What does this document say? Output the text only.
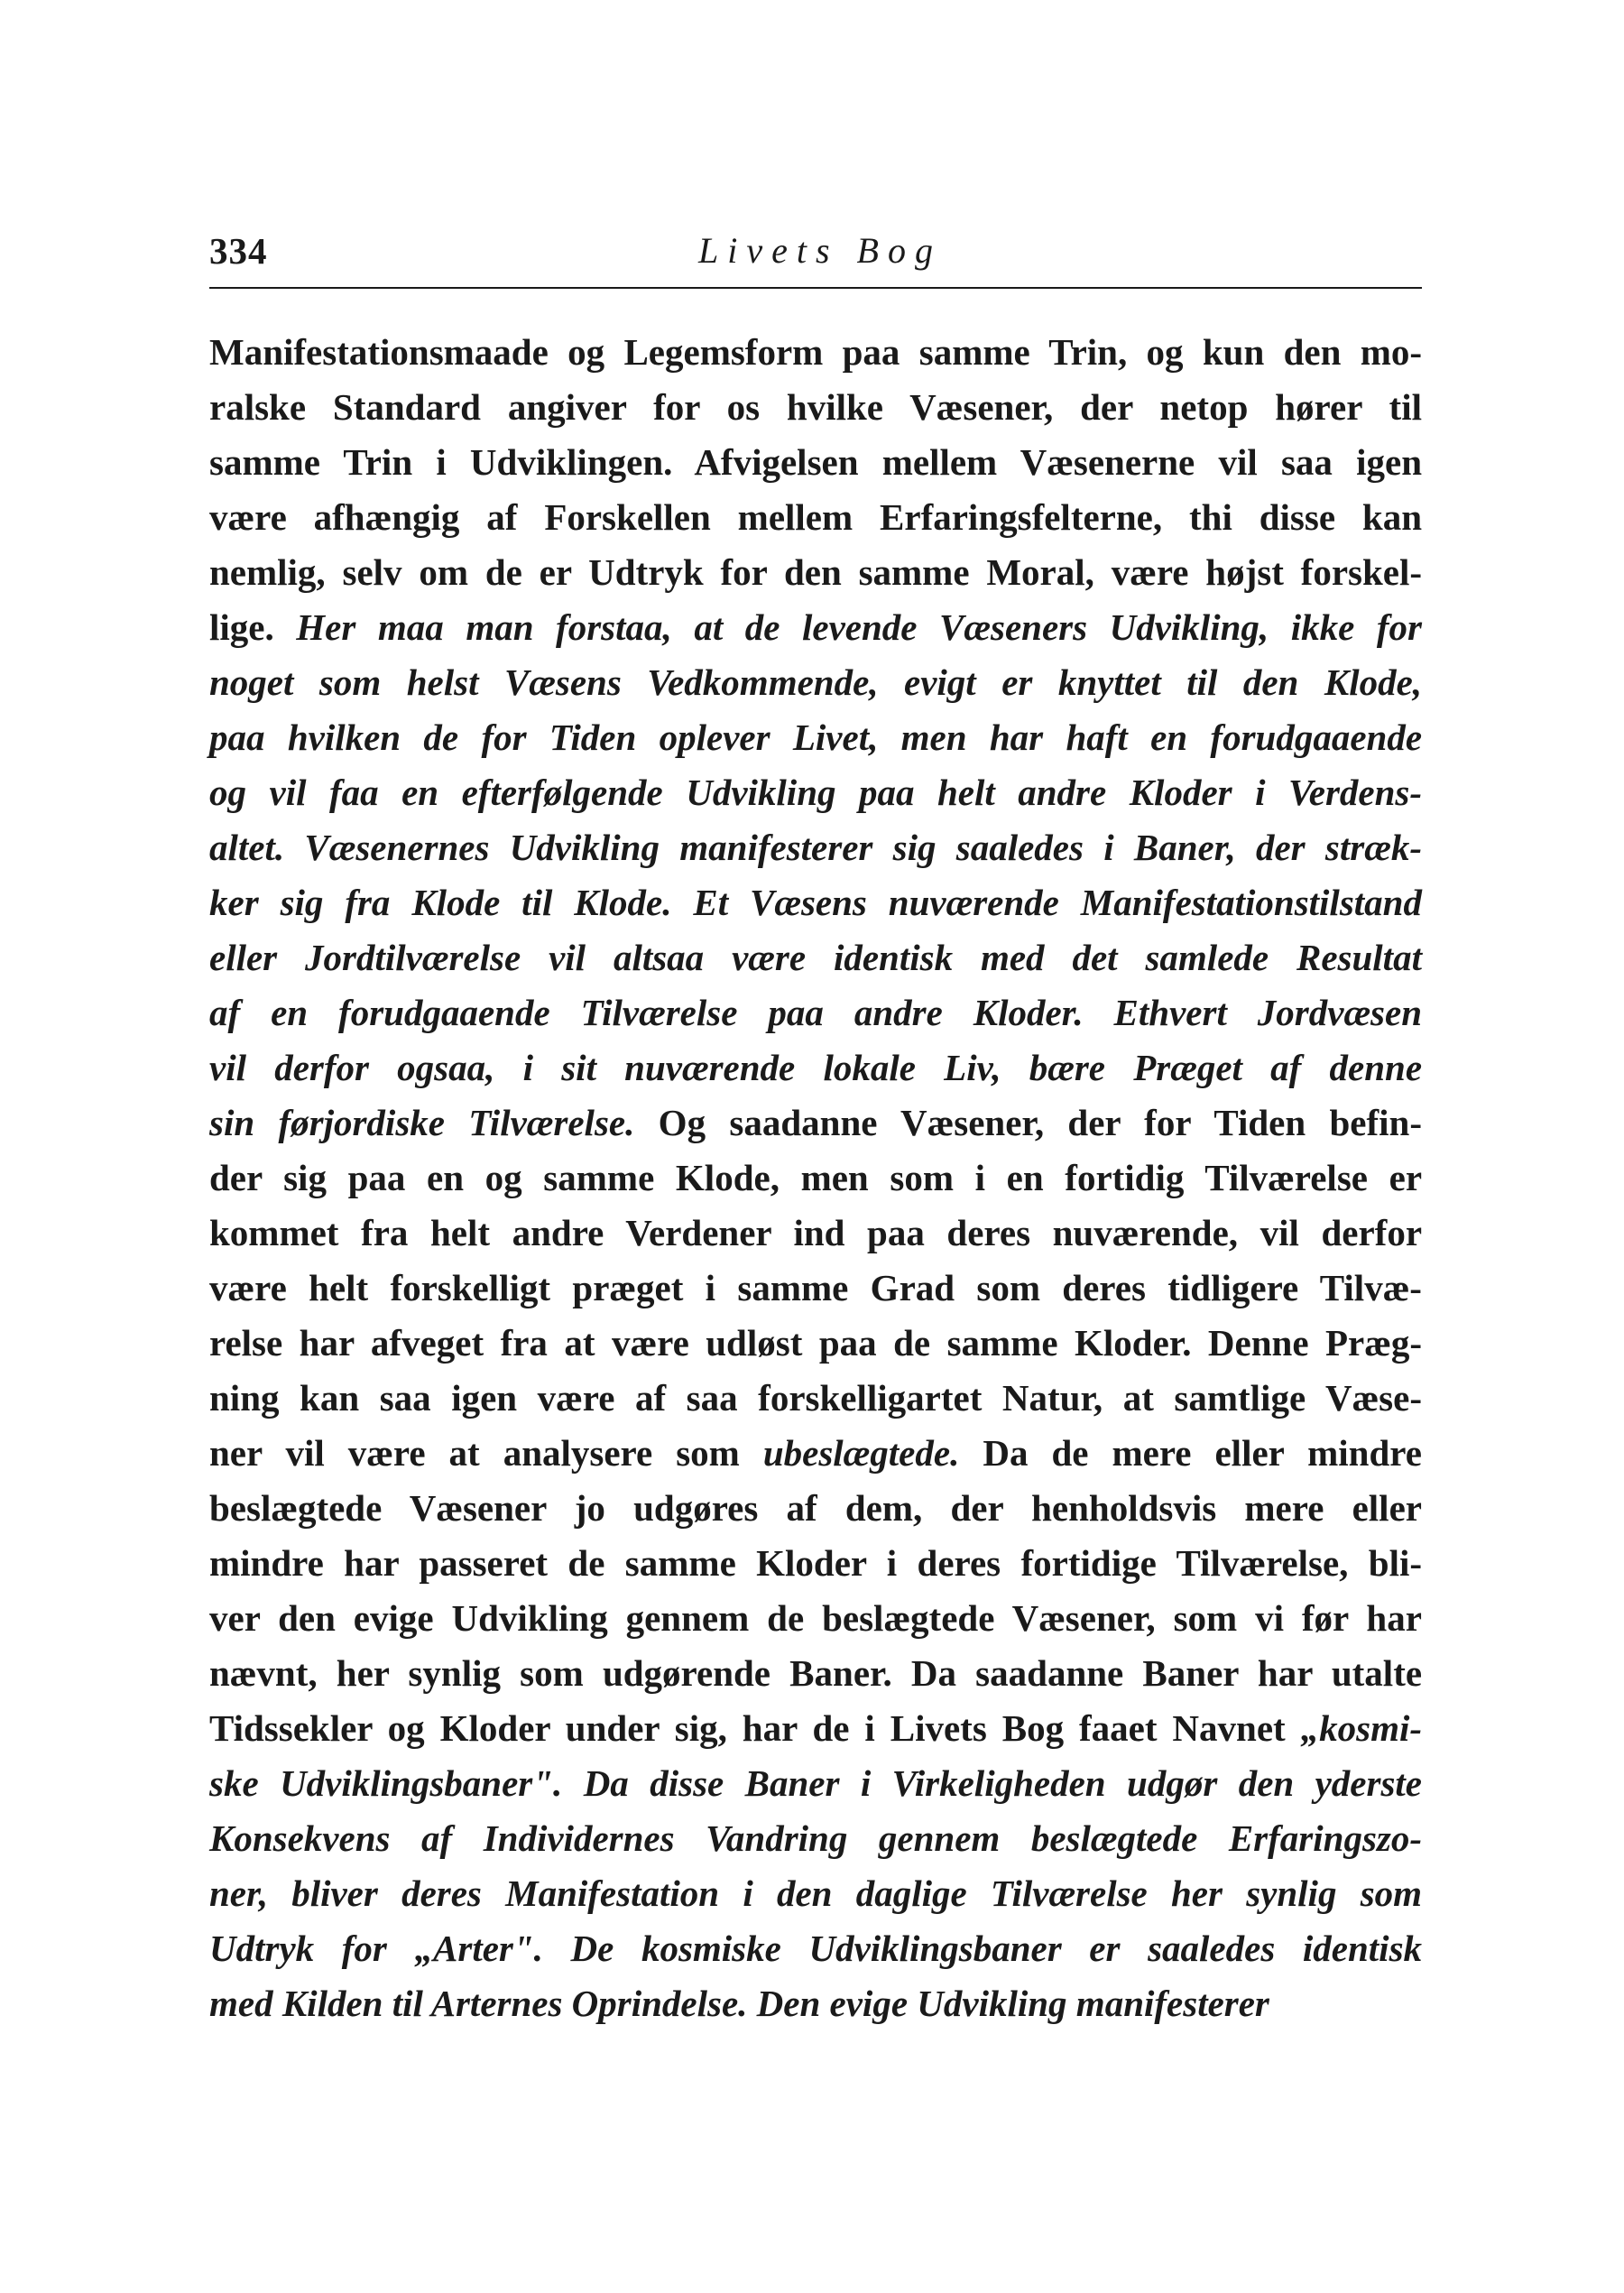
334	Livets Bog
Manifestationsmaade og Legemsform paa samme Trin, og kun den mo-
ralske Standard angiver for os hvilke Væsener, der netop hører til
samme Trin i Udviklingen. Afvigelsen mellem Væsenerne vil saa igen
være afhængig af Forskellen mellem Erfaringsfelterne, thi disse kan
nemlig, selv om de er Udtryk for den samme Moral, være højst forskel-
lige. Her maa man forstaa, at de levende Væseners Udvikling, ikke for
noget som helst Væsens Vedkommende, evigt er knyttet til den Klode,
paa hvilken de for Tiden oplever Livet, men har haft en forudgaaende
og vil faa en efterfølgende Udvikling paa helt andre Kloder i Verdens-
altet. Væsenernes Udvikling manifesterer sig saaledes i Baner, der stræk-
ker sig fra Klode til Klode. Et Væsens nuværende Manifestationstilstand
eller Jordtilværelse vil altsaa være identisk med det samlede Resultat
af en forudgaaende Tilværelse paa andre Kloder. Ethvert Jordvæsen
vil derfor ogsaa, i sit nuværende lokale Liv, bære Præget af denne
sin førjordiske Tilværelse. Og saadanne Væsener, der for Tiden befin-
der sig paa en og samme Klode, men som i en fortidig Tilværelse er
kommet fra helt andre Verdener ind paa deres nuværende, vil derfor
være helt forskelligt præget i samme Grad som deres tidligere Tilvæ-
relse har afveget fra at være udløst paa de samme Kloder. Denne Præg-
ning kan saa igen være af saa forskelligartet Natur, at samtlige Væse-
ner vil være at analysere som ubeslægtede. Da de mere eller mindre
beslægtede Væsener jo udgøres af dem, der henholdsvis mere eller
mindre har passeret de samme Kloder i deres fortidige Tilværelse, bli-
ver den evige Udvikling gennem de beslægtede Væsener, som vi før har
nævnt, her synlig som udgørende Baner. Da saadanne Baner har utalte
Tidssekler og Kloder under sig, har de i Livets Bog faaet Navnet „kosmi-
ske Udviklingsbaner". Da disse Baner i Virkeligheden udgør den yderste
Konsekvens af Individernes Vandring gennem beslægtede Erfaringszo-
ner, bliver deres Manifestation i den daglige Tilværelse her synlig som
Udtryk for „Arter". De kosmiske Udviklingsbaner er saaledes identisk
med Kilden til Arternes Oprindelse. Den evige Udvikling manifesterer
